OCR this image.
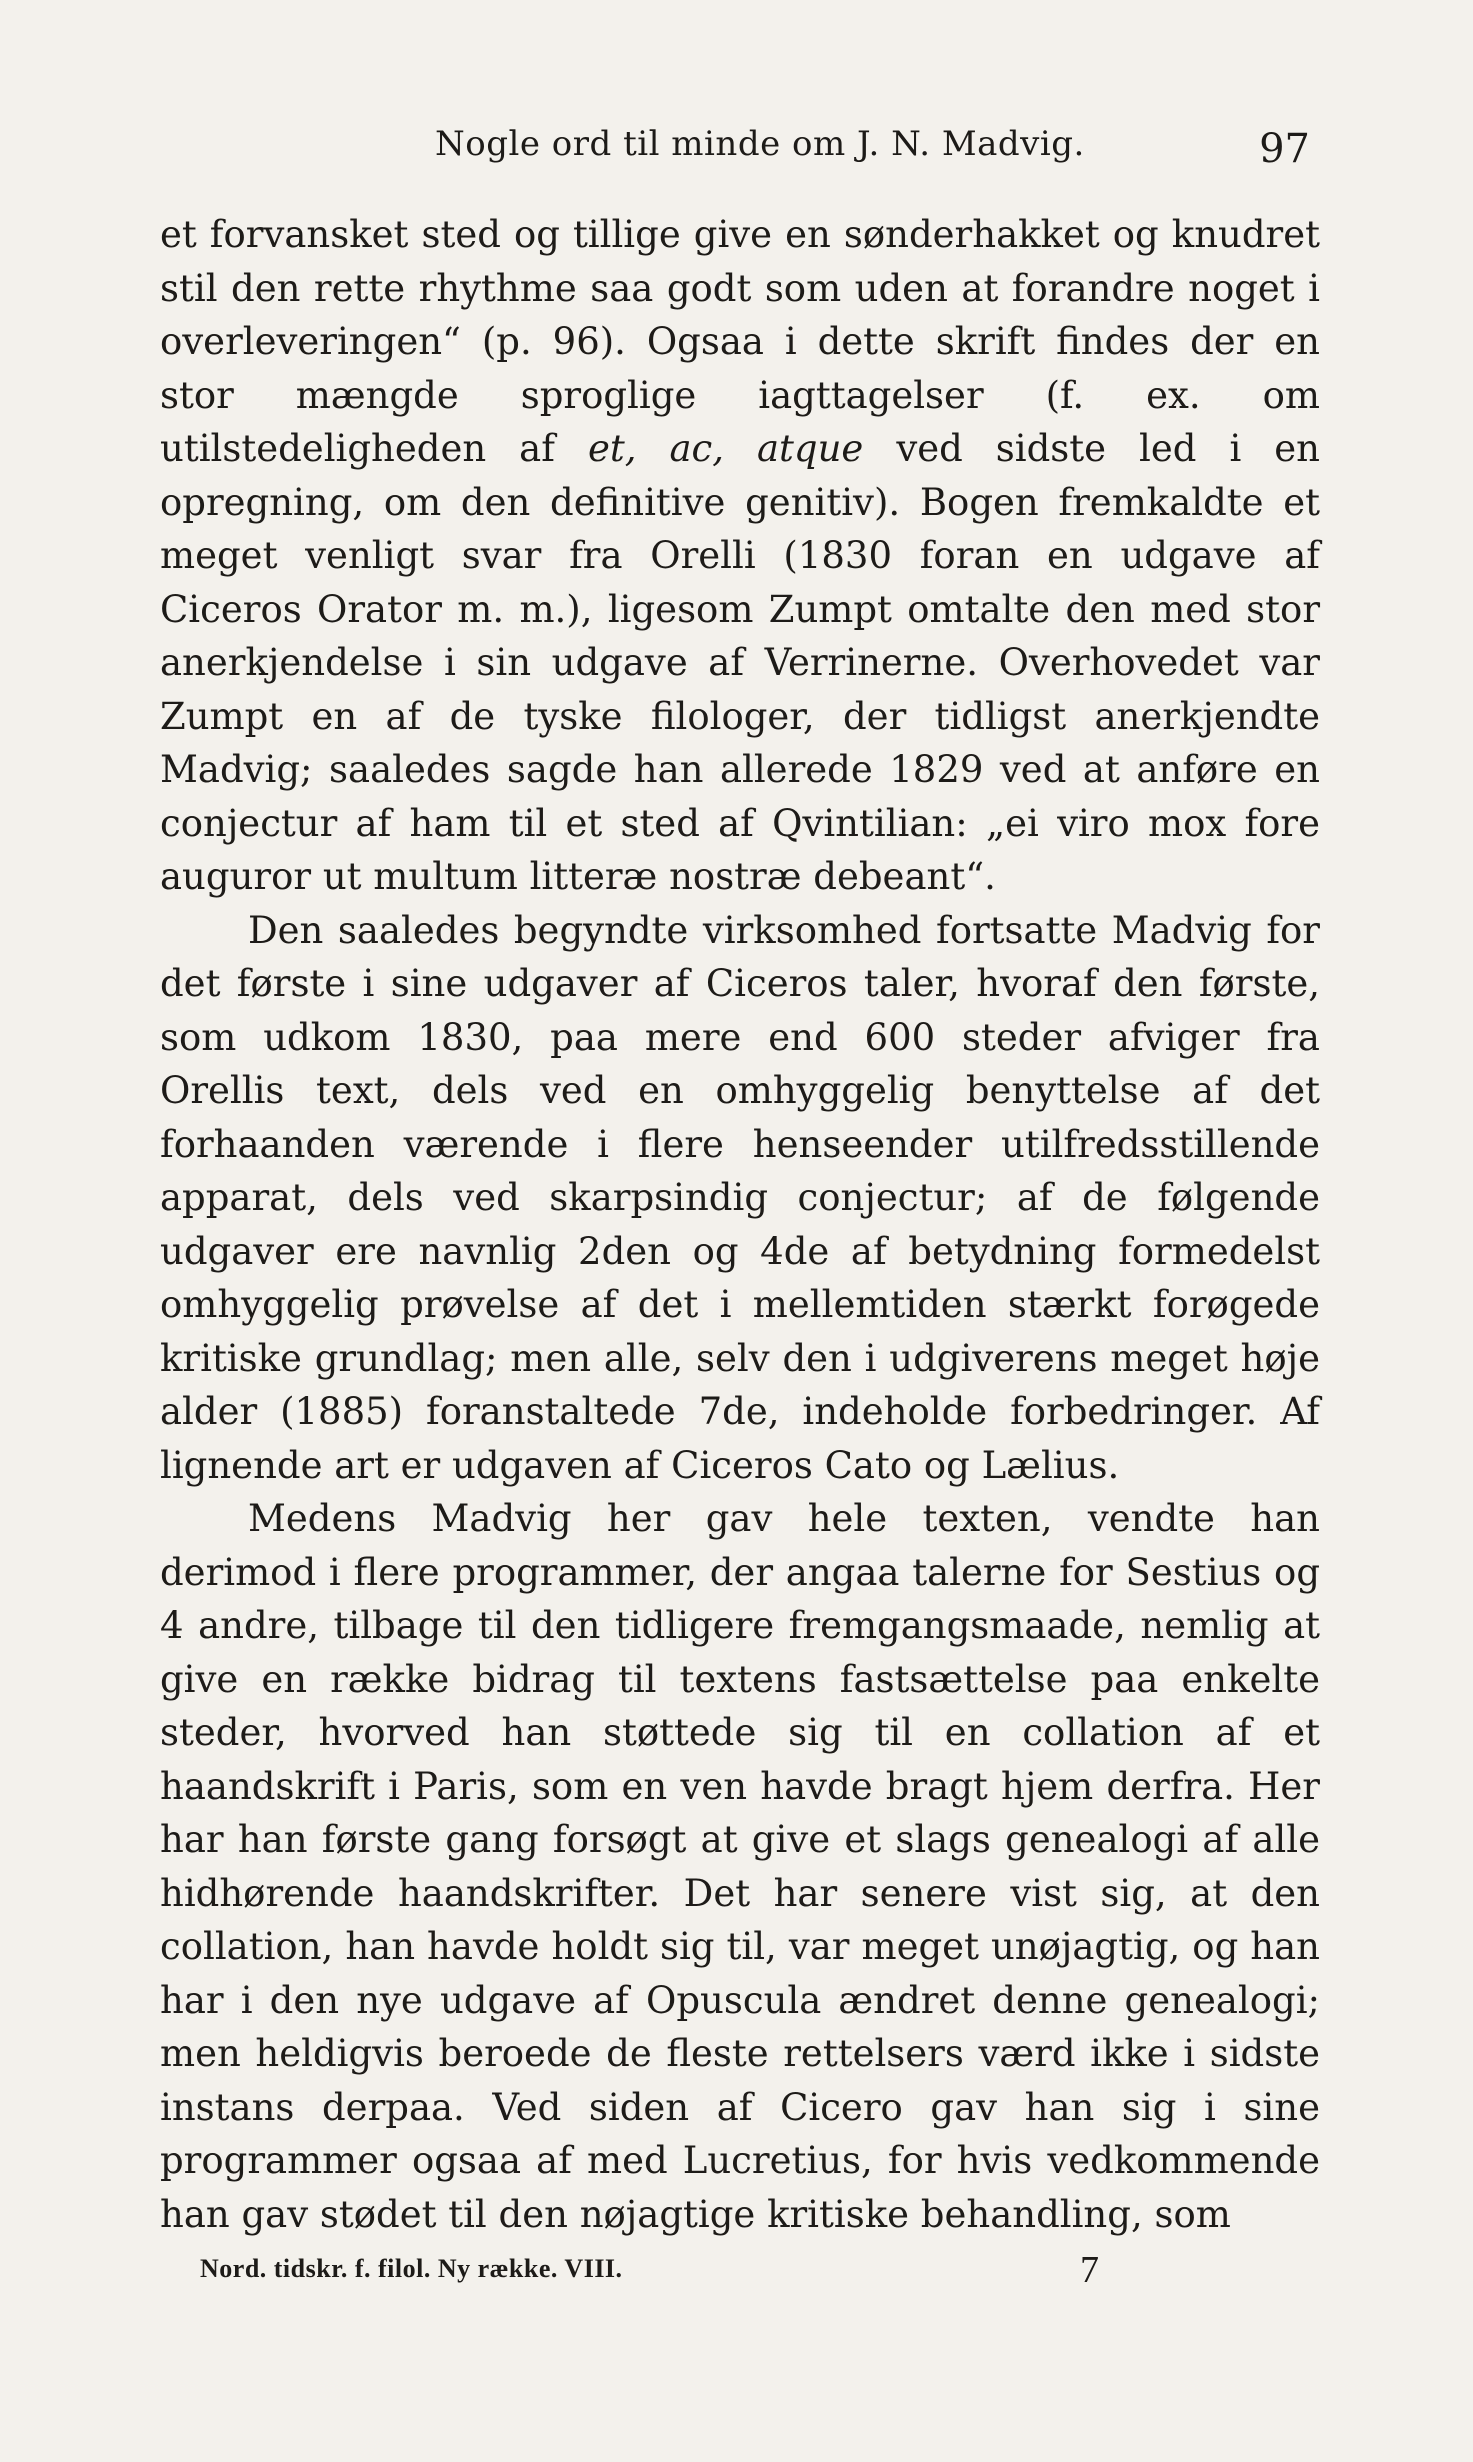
Nogle ord til minde om J. N. Madvig.	97

et forvansket sted og tillige give en sønderhakket og knudret stil den rette rhythme saa godt som uden at forandre noget i overleveringen“ (p. 96). Ogsaa i dette skrift findes der en stor mængde sproglige iagttagelser (f. ex. om utilstedeligheden af et, ac, atque ved sidste led i en opregning, om den definitive genitiv). Bogen fremkaldte et meget venligt svar fra Orelli (1830 foran en udgave af Ciceros Orator m. m.), ligesom Zumpt omtalte den med stor anerkjendelse i sin udgave af Verrinerne. Overhovedet var Zumpt en af de tyske filologer, der tidligst anerkjendte Madvig; saaledes sagde han allerede 1829 ved at anføre en conjectur af ham til et sted af Qvintilian: „ei viro mox fore auguror ut multum litteræ nostræ debeant“.

Den saaledes begyndte virksomhed fortsatte Madvig for det første i sine udgaver af Ciceros taler, hvoraf den første, som udkom 1830, paa mere end 600 steder afviger fra Orellis text, dels ved en omhyggelig benyttelse af det forhaanden værende i flere henseender utilfredsstillende apparat, dels ved skarpsindig conjectur; af de følgende udgaver ere navnlig 2den og 4de af betydning formedelst omhyggelig prøvelse af det i mellemtiden stærkt forøgede kritiske grundlag; men alle, selv den i udgiverens meget høje alder (1885) foranstaltede 7de, indeholde forbedringer. Af lignende art er udgaven af Ciceros Cato og Lælius.

Medens Madvig her gav hele texten, vendte han derimod i flere programmer, der angaa talerne for Sestius og 4 andre, tilbage til den tidligere fremgangsmaade, nemlig at give en række bidrag til textens fastsættelse paa enkelte steder, hvorved han støttede sig til en collation af et haandskrift i Paris, som en ven havde bragt hjem derfra. Her har han første gang forsøgt at give et slags genealogi af alle hidhørende haandskrifter. Det har senere vist sig, at den collation, han havde holdt sig til, var meget unøjagtig, og han har i den nye udgave af Opuscula ændret denne genealogi; men heldigvis beroede de fleste rettelsers værd ikke i sidste instans derpaa. Ved siden af Cicero gav han sig i sine programmer ogsaa af med Lucretius, for hvis vedkommende han gav stødet til den nøjagtige kritiske behandling, som

Nord. tidskr. f. filol. Ny række. VIII.	7
